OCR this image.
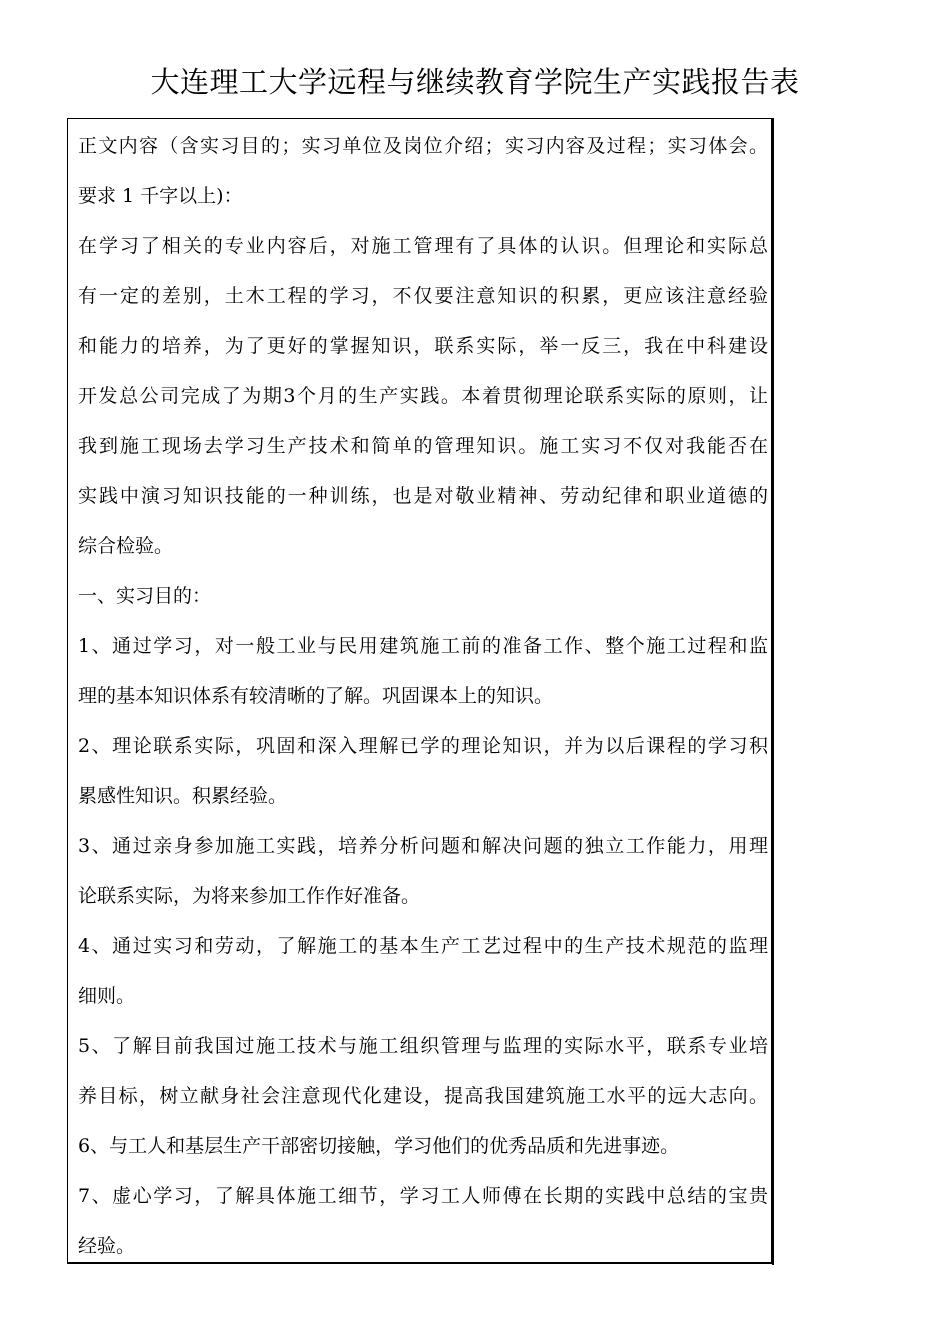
大连理工大学远程与继续教育学院生产实践报告表
正文内容（含实习目的；实习单位及岗位介绍；实习内容及过程；实习体会。
要求 1 千字以上)：
在学习了相关的专业内容后，对施工管理有了具体的认识。但理论和实际总
有一定的差别，土木工程的学习，不仅要注意知识的积累，更应该注意经验
和能力的培养，为了更好的掌握知识，联系实际，举一反三，我在中科建设
开发总公司完成了为期3个月的生产实践。本着贯彻理论联系实际的原则，让
我到施工现场去学习生产技术和简单的管理知识。施工实习不仅对我能否在
实践中演习知识技能的一种训练，也是对敬业精神、劳动纪律和职业道德的
综合检验。
一、实习目的：
1、通过学习，对一般工业与民用建筑施工前的准备工作、整个施工过程和监
理的基本知识体系有较清晰的了解。巩固课本上的知识。
2、理论联系实际，巩固和深入理解已学的理论知识，并为以后课程的学习积
累感性知识。积累经验。
3、通过亲身参加施工实践，培养分析问题和解决问题的独立工作能力，用理
论联系实际，为将来参加工作作好准备。
4、通过实习和劳动，了解施工的基本生产工艺过程中的生产技术规范的监理
细则。
5、了解目前我国过施工技术与施工组织管理与监理的实际水平，联系专业培
养目标，树立献身社会注意现代化建设，提高我国建筑施工水平的远大志向。
6、与工人和基层生产干部密切接触，学习他们的优秀品质和先进事迹。
7、虚心学习，了解具体施工细节，学习工人师傅在长期的实践中总结的宝贵
经验。
